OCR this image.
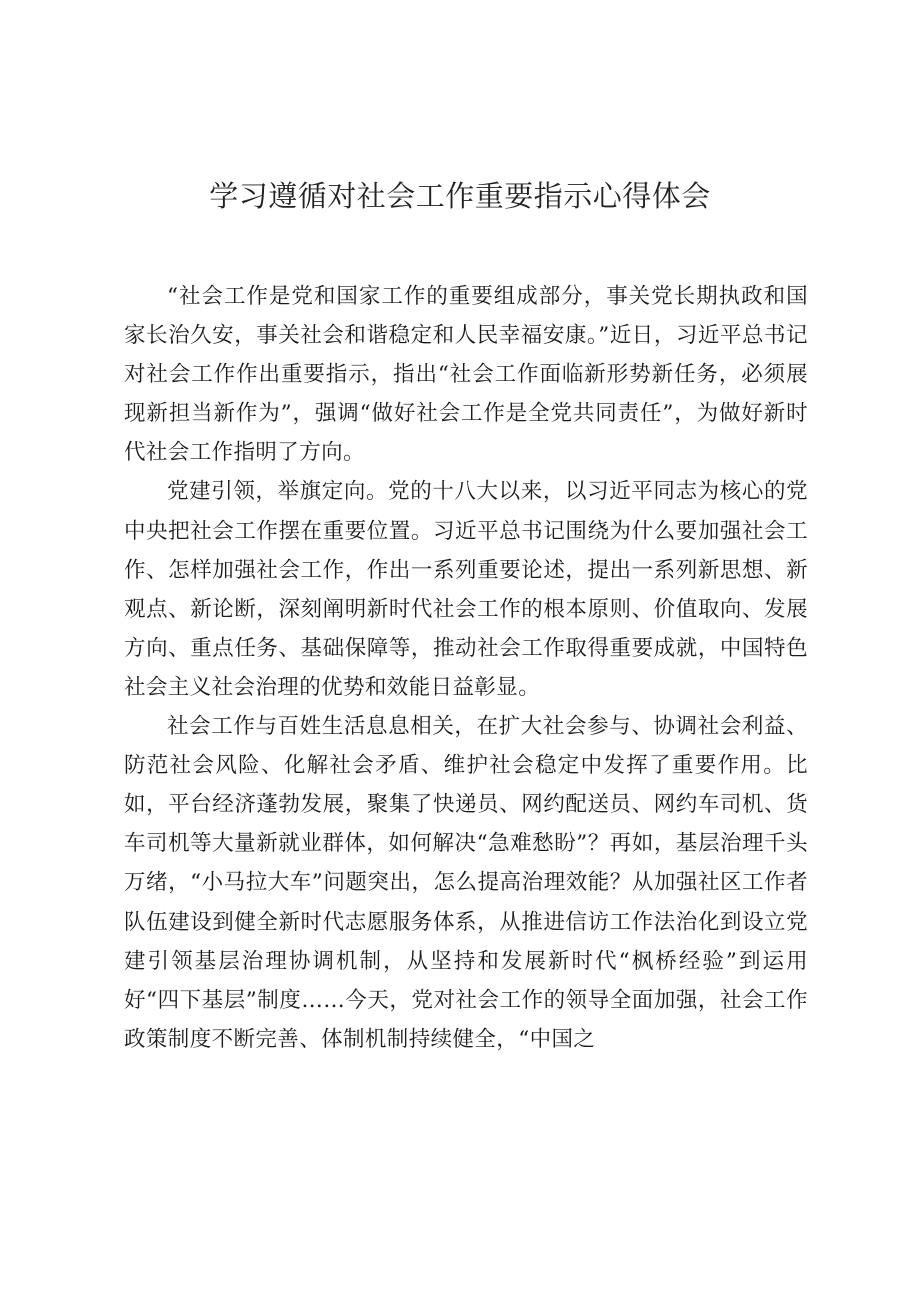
学习遵循对社会工作重要指示心得体会

“社会工作是党和国家工作的重要组成部分，事关党长期执政和国家长治久安，事关社会和谐稳定和人民幸福安康。”近日，习近平总书记对社会工作作出重要指示，指出“社会工作面临新形势新任务，必须展现新担当新作为”，强调“做好社会工作是全党共同责任”，为做好新时代社会工作指明了方向。

党建引领，举旗定向。党的十八大以来，以习近平同志为核心的党中央把社会工作摆在重要位置。习近平总书记围绕为什么要加强社会工作、怎样加强社会工作，作出一系列重要论述，提出一系列新思想、新观点、新论断，深刻阐明新时代社会工作的根本原则、价值取向、发展方向、重点任务、基础保障等，推动社会工作取得重要成就，中国特色社会主义社会治理的优势和效能日益彰显。

社会工作与百姓生活息息相关，在扩大社会参与、协调社会利益、防范社会风险、化解社会矛盾、维护社会稳定中发挥了重要作用。比如，平台经济蓬勃发展，聚集了快递员、网约配送员、网约车司机、货车司机等大量新就业群体，如何解决“急难愁盼”？再如，基层治理千头万绪，“小马拉大车”问题突出，怎么提高治理效能？从加强社区工作者队伍建设到健全新时代志愿服务体系，从推进信访工作法治化到设立党建引领基层治理协调机制，从坚持和发展新时代“枫桥经验”到运用好“四下基层”制度……今天，党对社会工作的领导全面加强，社会工作政策制度不断完善、体制机制持续健全，“中国之
